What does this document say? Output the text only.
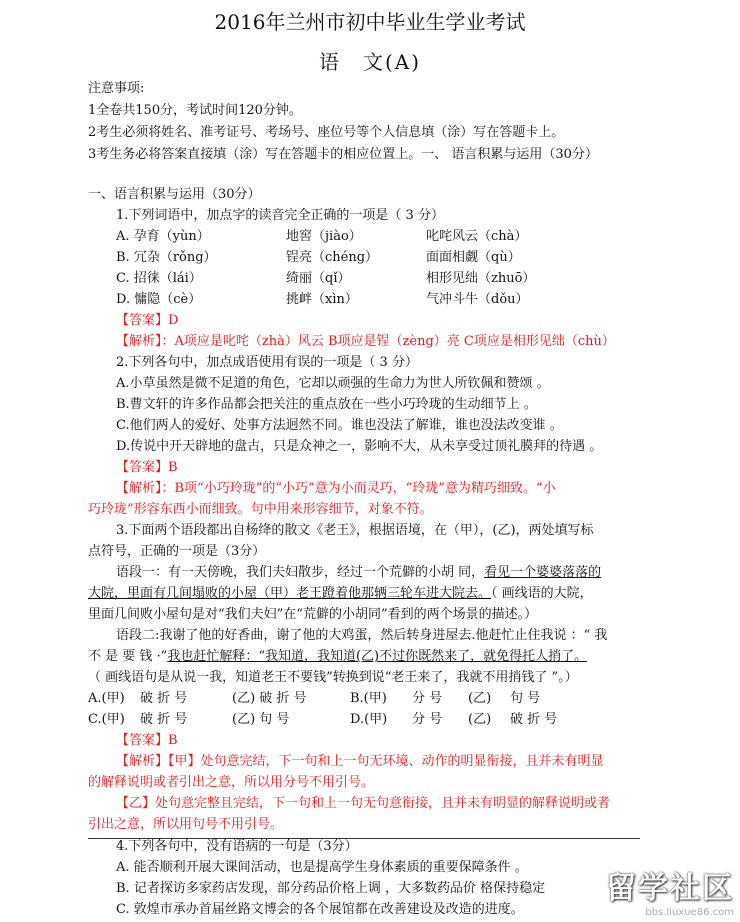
2016年兰州市初中毕业生学业考试
语　文(A)
注意事项:
1全卷共150分，考试时间120分钟。
2考生必须将姓名、准考证号、考场号、座位号等个人信息填（涂）写在答题卡上。
3考生务必将答案直接填（涂）写在答题卡的相应位置上。一、 语言积累与运用（30分）
一、语言积累与运用（30分）
1.下列词语中，加点字的读音完全正确的一项是（ 3 分）
A. 孕育（yùn）	地窖（jiào）	叱咤风云（chà）
B. 冗杂（rǒng）	锃亮（chéng）	面面相觑（qù）
C. 招徕（lái）	绮丽（qǐ）	相形见绌（zhuō）
D. 慵隐（cè）	挑衅（xìn）	气冲斗牛（dǒu）
【答案】D
【解析】：A项应是叱咤（zhà）风云 B项应是锃（zèng）亮 C项应是相形见绌（chù）
2.下列各句中，加点成语使用有误的一项是（ 3 分）
A.小草虽然是微不足道的角色，它却以顽强的生命力为世人所钦佩和赞颂 。
B.曹文轩的许多作品都会把关注的重点放在一些小巧玲珑的生动细节上 。
C.他们两人的爱好、处事方法迥然不同。谁也没法了解谁，谁也没法改变谁 。
D.传说中开天辟地的盘古，只是众神之一，影响不大，从未享受过顶礼膜拜的待遇 。
【答案】B
【解析】：B项“小巧玲珑”的“小巧”意为小而灵巧，“玲珑”意为精巧细致。“小
巧玲珑”形容东西小而细致。句中用来形容细节，对象不符。
3.下面两个语段都出自杨绛的散文《老王》，根据语境，在（甲），(乙)，两处填写标
点符号，正确的一项是（3分）
语段一：有一天傍晚，我们夫妇散步，经过一个荒僻的小胡 同，看见一个婆婆落落的
大院，里面有几间塌败的小屋（甲）老王蹬着他那辆三轮车进大院去。（ 画线语的大院，
里面几间败小屋句是对“我们夫妇”在“荒僻的小胡同”看到的两个场景的描述。）
语段二:我谢了他的好香曲，谢了他的大鸡蛋，然后转身进屋去.他赶忙止住我说 ：“ 我
不 是 要 钱 ·”我也赶忙解释：“我知道，我知道(乙)不过你既然来了，就免得托人捎了。
（ 画线语句是从说一我，知道老王不要钱”转换到说“老王来了，我就不用捎钱了 ”。）
A.(甲) 破 折 号	(乙) 破 折 号	B.(甲) 分 号 (乙) 句 号
C.(甲) 破 折 号	(乙) 句 号	D.(甲) 分 号 (乙) 破 折 号
【答案】B
【解析】【甲】处句意完结，下一句和上一句无环境、动作的明显衔接，且并未有明显
的解释说明或者引出之意，所以用分号不用引号。
【乙】处句意完整且完结，下一句和上一句无句意衔接，且并未有明显的解释说明或者
引出之意，所以用句号不用引号。
4.下列各句中，没有语病的一句是（3分）
A. 能否顺利开展大课间活动，也是提高学生身体素质的重要保障条件 。
B. 记者探访多家药店发现，部分药品价格上调 ，大多数药品价 格保持稳定
C. 敦煌市承办首届丝路文博会的各个展馆都在改善建设及改造的进度。
留学社区
bbs.liuxue86.com
